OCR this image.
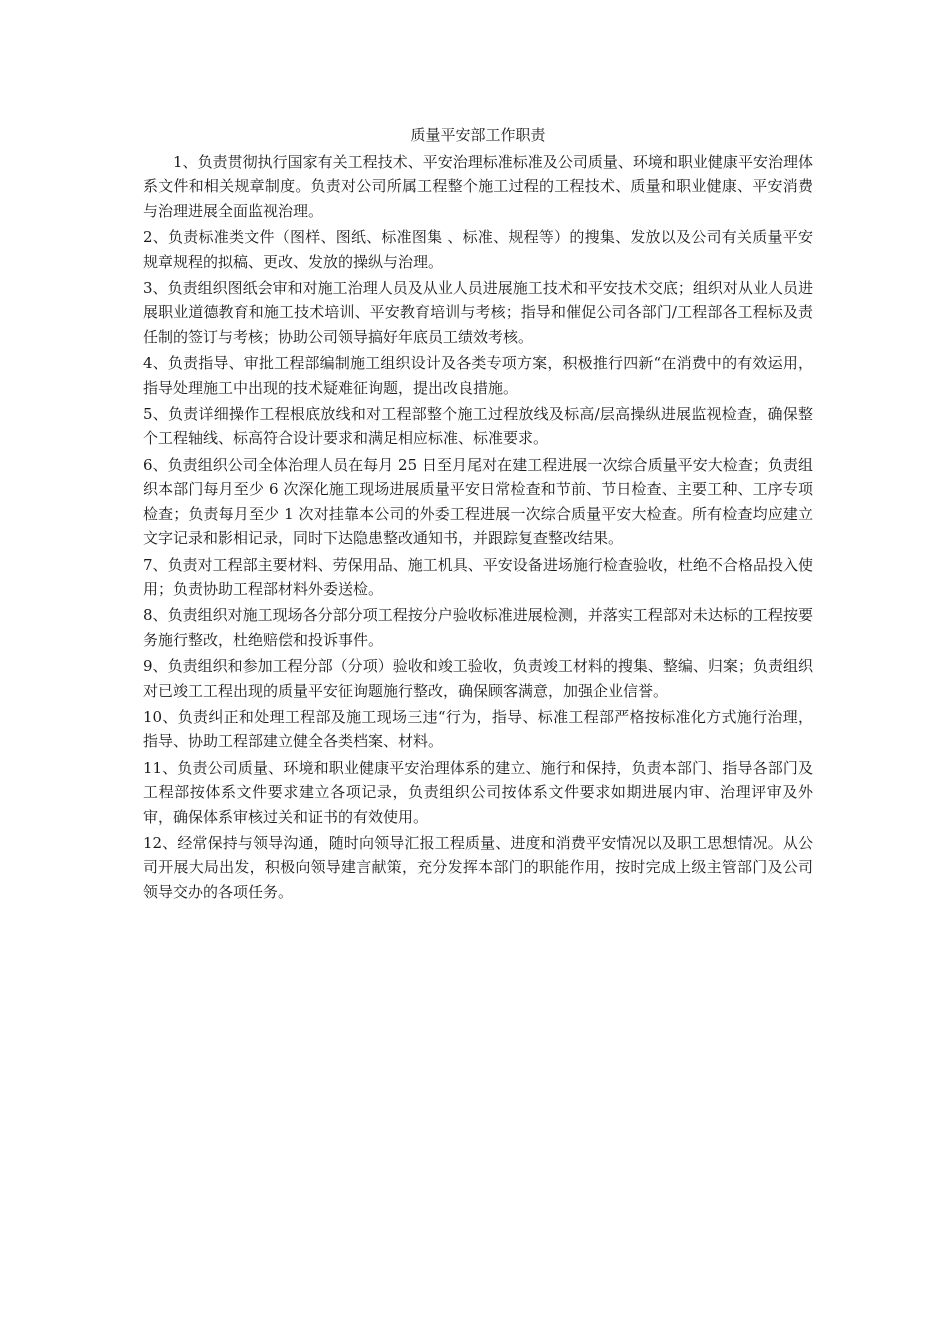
质量平安部工作职责

1、负责贯彻执行国家有关工程技术、平安治理标准标准及公司质量、环境和职业健康平安治理体系文件和相关规章制度。负责对公司所属工程整个施工过程的工程技术、质量和职业健康、平安消费与治理进展全面监视治理。

2、负责标准类文件（图样、图纸、标准图集 、标准、规程等）的搜集、发放以及公司有关质量平安规章规程的拟稿、更改、发放的操纵与治理。

3、负责组织图纸会审和对施工治理人员及从业人员进展施工技术和平安技术交底；组织对从业人员进展职业道德教育和施工技术培训、平安教育培训与考核；指导和催促公司各部门/工程部各工程标及责任制的签订与考核；协助公司领导搞好年底员工绩效考核。

4、负责指导、审批工程部编制施工组织设计及各类专项方案，积极推行四新“在消费中的有效运用，指导处理施工中出现的技术疑难征询题，提出改良措施。

5、负责详细操作工程根底放线和对工程部整个施工过程放线及标高/层高操纵进展监视检查，确保整个工程轴线、标高符合设计要求和满足相应标准、标准要求。

6、负责组织公司全体治理人员在每月 25 日至月尾对在建工程进展一次综合质量平安大检查；负责组织本部门每月至少 6 次深化施工现场进展质量平安日常检查和节前、节日检查、主要工种、工序专项检查；负责每月至少 1 次对挂靠本公司的外委工程进展一次综合质量平安大检查。所有检查均应建立文字记录和影相记录，同时下达隐患整改通知书，并跟踪复查整改结果。

7、负责对工程部主要材料、劳保用品、施工机具、平安设备进场施行检查验收，杜绝不合格品投入使用；负责协助工程部材料外委送检。

8、负责组织对施工现场各分部分项工程按分户验收标准进展检测，并落实工程部对未达标的工程按要务施行整改，杜绝赔偿和投诉事件。

9、负责组织和参加工程分部（分项）验收和竣工验收，负责竣工材料的搜集、整编、归案；负责组织对已竣工工程出现的质量平安征询题施行整改，确保顾客满意，加强企业信誉。

10、负责纠正和处理工程部及施工现场三违“行为，指导、标准工程部严格按标准化方式施行治理，指导、协助工程部建立健全各类档案、材料。

11、负责公司质量、环境和职业健康平安治理体系的建立、施行和保持，负责本部门、指导各部门及工程部按体系文件要求建立各项记录，负责组织公司按体系文件要求如期进展内审、治理评审及外审，确保体系审核过关和证书的有效使用。

12、经常保持与领导沟通，随时向领导汇报工程质量、进度和消费平安情况以及职工思想情况。从公司开展大局出发，积极向领导建言献策，充分发挥本部门的职能作用，按时完成上级主管部门及公司领导交办的各项任务。
